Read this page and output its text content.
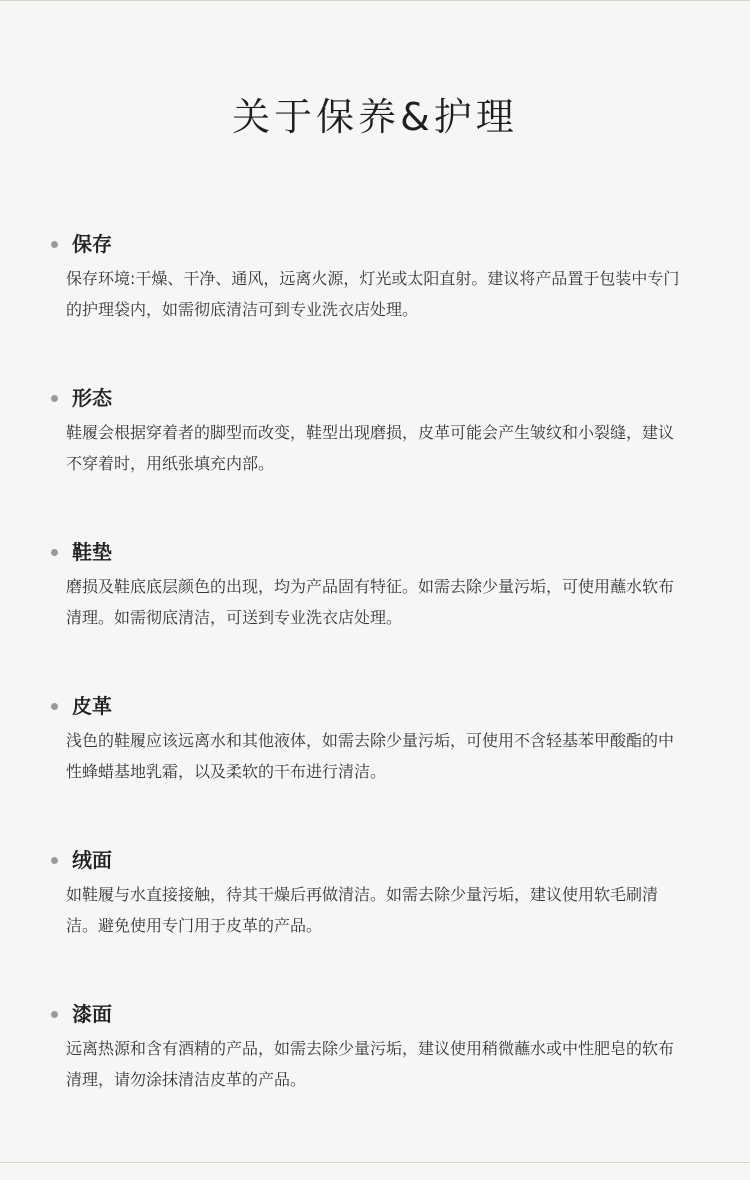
关于保养&护理
保存

保存环境:干燥、干净、通风，远离火源，灯光或太阳直射。建议将产品置于包装中专门的护理袋内，如需彻底清洁可到专业洗衣店处理。

形态

鞋履会根据穿着者的脚型而改变，鞋型出现磨损，皮革可能会产生皱纹和小裂缝，建议不穿着时，用纸张填充内部。

鞋垫

磨损及鞋底底层颜色的出现，均为产品固有特征。如需去除少量污垢，可使用蘸水软布清理。如需彻底清洁，可送到专业洗衣店处理。

皮革

浅色的鞋履应该远离水和其他液体，如需去除少量污垢，可使用不含轻基苯甲酸酯的中性蜂蜡基地乳霜，以及柔软的干布进行清洁。

绒面

如鞋履与水直接接触，待其干燥后再做清洁。如需去除少量污垢，建议使用软毛刷清洁。避免使用专门用于皮革的产品。

漆面

远离热源和含有酒精的产品，如需去除少量污垢，建议使用稍微蘸水或中性肥皂的软布清理，请勿涂抹清洁皮革的产品。
